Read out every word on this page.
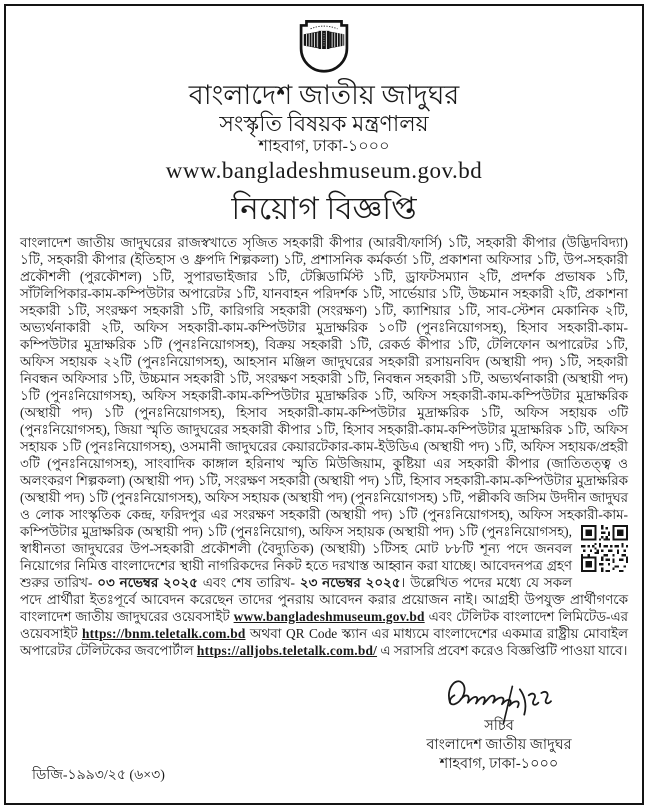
বাংলাদেশ জাতীয় জাদুঘর
সংস্কৃতি বিষয়ক মন্ত্রণালয়
শাহবাগ, ঢাকা-১০০০
www.bangladeshmuseum.gov.bd
নিয়োগ বিজ্ঞপ্তি

বাংলাদেশ জাতীয় জাদুঘরের রাজস্বখাতে সৃজিত সহকারী কীপার (আরবী/ফার্সি) ১টি, সহকারী কীপার (উদ্ভিদবিদ্যা) ১টি, সহকারী কীপার (ইতিহাস ও ধ্রুপদি শিল্পকলা) ১টি, প্রশাসনিক কর্মকর্তা ১টি, প্রকাশনা অফিসার ১টি, উপ-সহকারী প্রকৌশলী (পুরকৌশল) ১টি, সুপারভাইজার ১টি, টেক্সিডার্মিস্ট ১টি, ড্রাফটসম্যান ২টি, প্রদর্শক প্রভাষক ১টি, সাঁটলিপিকার-কাম-কম্পিউটার অপারেটর ১টি, যানবাহন পরিদর্শক ১টি, সার্ভেয়ার ১টি, উচ্চমান সহকারী ২টি, প্রকাশনা সহকারী ১টি, সংরক্ষণ সহকারী ১টি, কারিগরি সহকারী (সংরক্ষণ) ১টি, ক্যাশিয়ার ১টি, সাব-স্টেশন মেকানিক ২টি, অভ্যর্থনাকারী ২টি, অফিস সহকারী-কাম-কম্পিউটার মুদ্রাক্ষরিক ১০টি (পুনঃনিয়োগসহ), হিসাব সহকারী-কাম-কম্পিউটার মুদ্রাক্ষরিক ১টি (পুনঃনিয়োগসহ), বিক্রয় সহকারী ১টি, রেকর্ড কীপার ১টি, টেলিফোন অপারেটর ১টি, অফিস সহায়ক ২২টি (পুনঃনিয়োগসহ), আহসান মঞ্জিল জাদুঘরের সহকারী রসায়নবিদ (অস্থায়ী পদ) ১টি, সহকারী নিবন্ধন অফিসার ১টি, উচ্চমান সহকারী ১টি, সংরক্ষণ সহকারী ১টি, নিবন্ধন সহকারী ১টি, অভ্যর্থনাকারী (অস্থায়ী পদ) ১টি (পুনঃনিয়োগসহ), অফিস সহকারী-কাম-কম্পিউটার মুদ্রাক্ষরিক ১টি, অফিস সহকারী-কাম-কম্পিউটার মুদ্রাক্ষরিক (অস্থায়ী পদ) ১টি (পুনঃনিয়োগসহ), হিসাব সহকারী-কাম-কম্পিউটার মুদ্রাক্ষরিক ১টি, অফিস সহায়ক ৩টি (পুনঃনিয়োগসহ), জিয়া স্মৃতি জাদুঘরের সহকারী কীপার ১টি, হিসাব সহকারী-কাম-কম্পিউটার মুদ্রাক্ষরিক ১টি, অফিস সহায়ক ১টি (পুনঃনিয়োগসহ), ওসমানী জাদুঘরের কেয়ারটেকার-কাম-ইউডিএ (অস্থায়ী পদ) ১টি, অফিস সহায়ক/প্রহরী ৩টি (পুনঃনিয়োগসহ), সাংবাদিক কাঙ্গাল হরিনাথ স্মৃতি মিউজিয়াম, কুষ্টিয়া এর সহকারী কীপার (জাতিতত্ত্ব ও অলংকরণ শিল্পকলা) (অস্থায়ী পদ) ১টি, সংরক্ষণ সহকারী (অস্থায়ী পদ) ১টি, হিসাব সহকারী-কাম-কম্পিউটার মুদ্রাক্ষরিক (অস্থায়ী পদ) ১টি (পুনঃনিয়োগসহ), অফিস সহায়ক (অস্থায়ী পদ) (পুনঃনিয়োগসহ) ১টি, পল্লীকবি জসিম উদদীন জাদুঘর ও লোক সাংস্কৃতিক কেন্দ্র, ফরিদপুর এর সংরক্ষণ সহকারী (অস্থায়ী পদ) ১টি (পুনঃনিয়োগসহ), অফিস সহকারী-কাম-কম্পিউটার মুদ্রাক্ষরিক (অস্থায়ী পদ) ১টি (পুনঃনিয়োগ), অফিস সহায়ক (অস্থায়ী পদ) ১টি (পুনঃনিয়োগসহ),
স্বাধীনতা জাদুঘরের উপ-সহকারী প্রকৌশলী (বৈদ্যুতিক) (অস্থায়ী) ১টিসহ মোট ৮৮টি শূন্য পদে জনবল নিয়োগের নিমিত্ত বাংলাদেশের স্থায়ী নাগরিকদের নিকট হতে দরখাস্ত আহ্বান করা যাচ্ছে। আবেদনপত্র গ্রহণ শুরুর তারিখ- ০৩ নভেম্বর ২০২৫ এবং শেষ তারিখ- ২৩ নভেম্বর ২০২৫। উল্লেখিত পদের মধ্যে যে সকল পদে প্রার্থীরা ইতঃপূর্বে আবেদন করেছেন তাদের পুনরায় আবেদন করার প্রয়োজন নাই। আগ্রহী উপযুক্ত প্রার্থীগণকে বাংলাদেশ জাতীয় জাদুঘরের ওয়েবসাইট www.bangladeshmuseum.gov.bd এবং টেলিটক বাংলাদেশ লিমিটেড-এর ওয়েবসাইট https://bnm.teletalk.com.bd অথবা QR Code স্ক্যান এর মাধ্যমে বাংলাদেশের একমাত্র রাষ্ট্রীয় মোবাইল অপারেটর টেলিটকের জবপোর্টাল https://alljobs.teletalk.com.bd/ এ সরাসরি প্রবেশ করেও বিজ্ঞপ্তিটি পাওয়া যাবে।

সচিব
বাংলাদেশ জাতীয় জাদুঘর
শাহবাগ, ঢাকা-১০০০
ডিজি-১৯৯৩/২৫ (৬×৩)
